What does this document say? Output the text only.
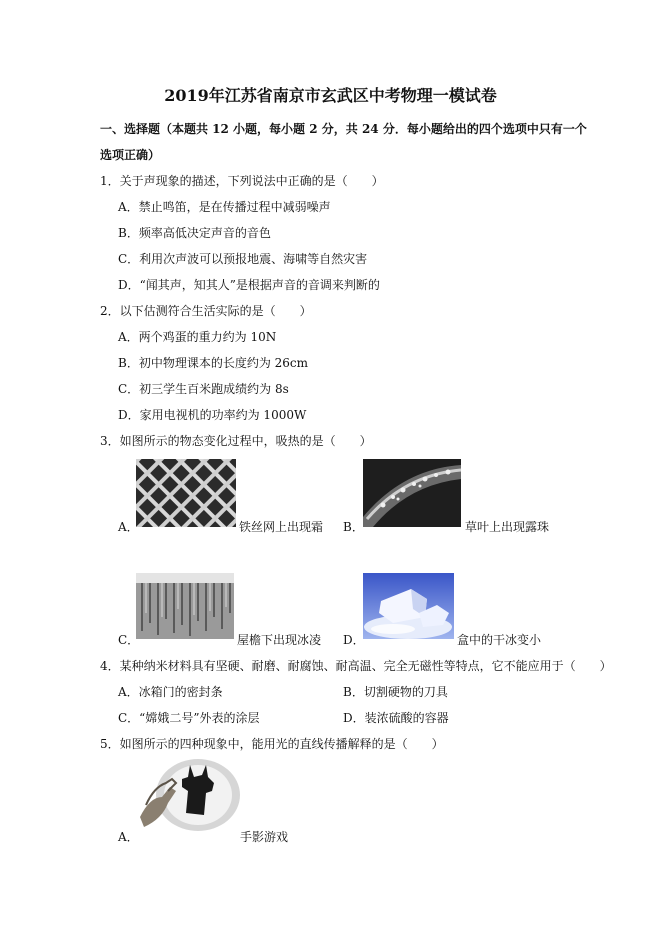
2019年江苏省南京市玄武区中考物理一模试卷
一、选择题（本题共 12 小题，每小题 2 分，共 24 分．每小题给出的四个选项中只有一个
选项正确）
1．关于声现象的描述，下列说法中正确的是（　　）
A．禁止鸣笛，是在传播过程中减弱噪声
B．频率高低决定声音的音色
C．利用次声波可以预报地震、海啸等自然灾害
D．“闻其声，知其人”是根据声音的音调来判断的
2．以下估测符合生活实际的是（　　）
A．两个鸡蛋的重力约为 10N
B．初中物理课本的长度约为 26cm
C．初三学生百米跑成绩约为 8s
D．家用电视机的功率约为 1000W
3．如图所示的物态变化过程中，吸热的是（　　）
A．	铁丝网上出现霜 B．	草叶上出现露珠
C．	屋檐下出现冰凌 D．	盒中的干冰变小
4．某种纳米材料具有坚硬、耐磨、耐腐蚀、耐高温、完全无磁性等特点，它不能应用于（　　）
A．冰箱门的密封条	B．切割硬物的刀具
C．“嫦娥二号”外表的涂层	D．装浓硫酸的容器
5．如图所示的四种现象中，能用光的直线传播解释的是（　　）
A．	手影游戏
